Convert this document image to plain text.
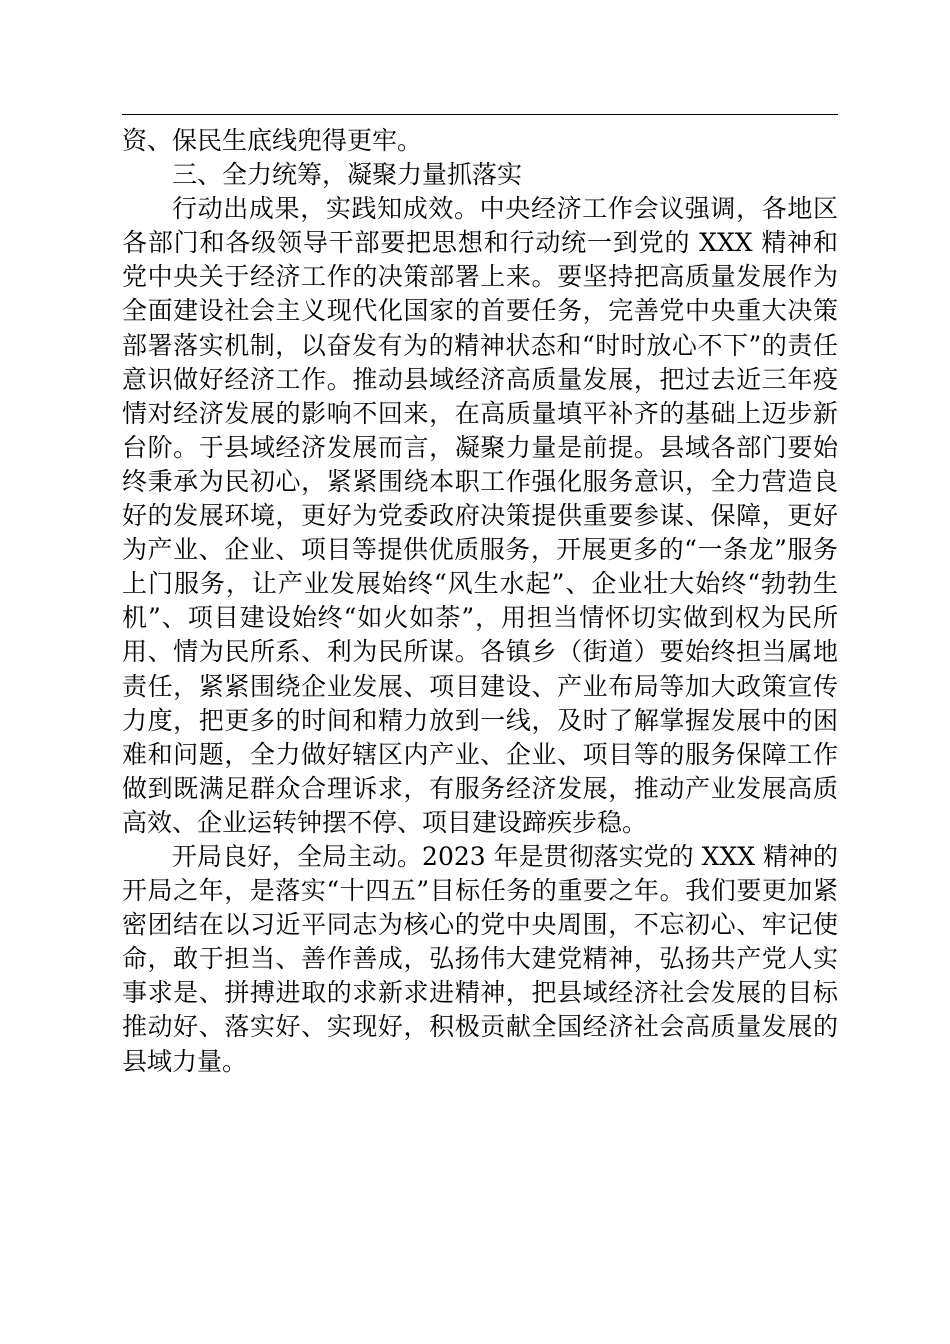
资、保民生底线兜得更牢。
三、全力统筹，凝聚力量抓落实
行动出成果，实践知成效。中央经济工作会议强调，各地区
各部门和各级领导干部要把思想和行动统一到党的 XXX 精神和
党中央关于经济工作的决策部署上来。要坚持把高质量发展作为
全面建设社会主义现代化国家的首要任务，完善党中央重大决策
部署落实机制，以奋发有为的精神状态和“时时放心不下”的责任
意识做好经济工作。推动县域经济高质量发展，把过去近三年疫
情对经济发展的影响不回来，在高质量填平补齐的基础上迈步新
台阶。于县域经济发展而言，凝聚力量是前提。县域各部门要始
终秉承为民初心，紧紧围绕本职工作强化服务意识，全力营造良
好的发展环境，更好为党委政府决策提供重要参谋、保障，更好
为产业、企业、项目等提供优质服务，开展更多的“一条龙”服务
上门服务，让产业发展始终“风生水起”、企业壮大始终“勃勃生
机”、项目建设始终“如火如荼”，用担当情怀切实做到权为民所
用、情为民所系、利为民所谋。各镇乡（街道）要始终担当属地
责任，紧紧围绕企业发展、项目建设、产业布局等加大政策宣传
力度，把更多的时间和精力放到一线，及时了解掌握发展中的困
难和问题，全力做好辖区内产业、企业、项目等的服务保障工作
做到既满足群众合理诉求，有服务经济发展，推动产业发展高质
高效、企业运转钟摆不停、项目建设蹄疾步稳。
开局良好，全局主动。2023 年是贯彻落实党的 XXX 精神的
开局之年，是落实“十四五”目标任务的重要之年。我们要更加紧
密团结在以习近平同志为核心的党中央周围，不忘初心、牢记使
命，敢于担当、善作善成，弘扬伟大建党精神，弘扬共产党人实
事求是、拼搏进取的求新求进精神，把县域经济社会发展的目标
推动好、落实好、实现好，积极贡献全国经济社会高质量发展的
县域力量。
